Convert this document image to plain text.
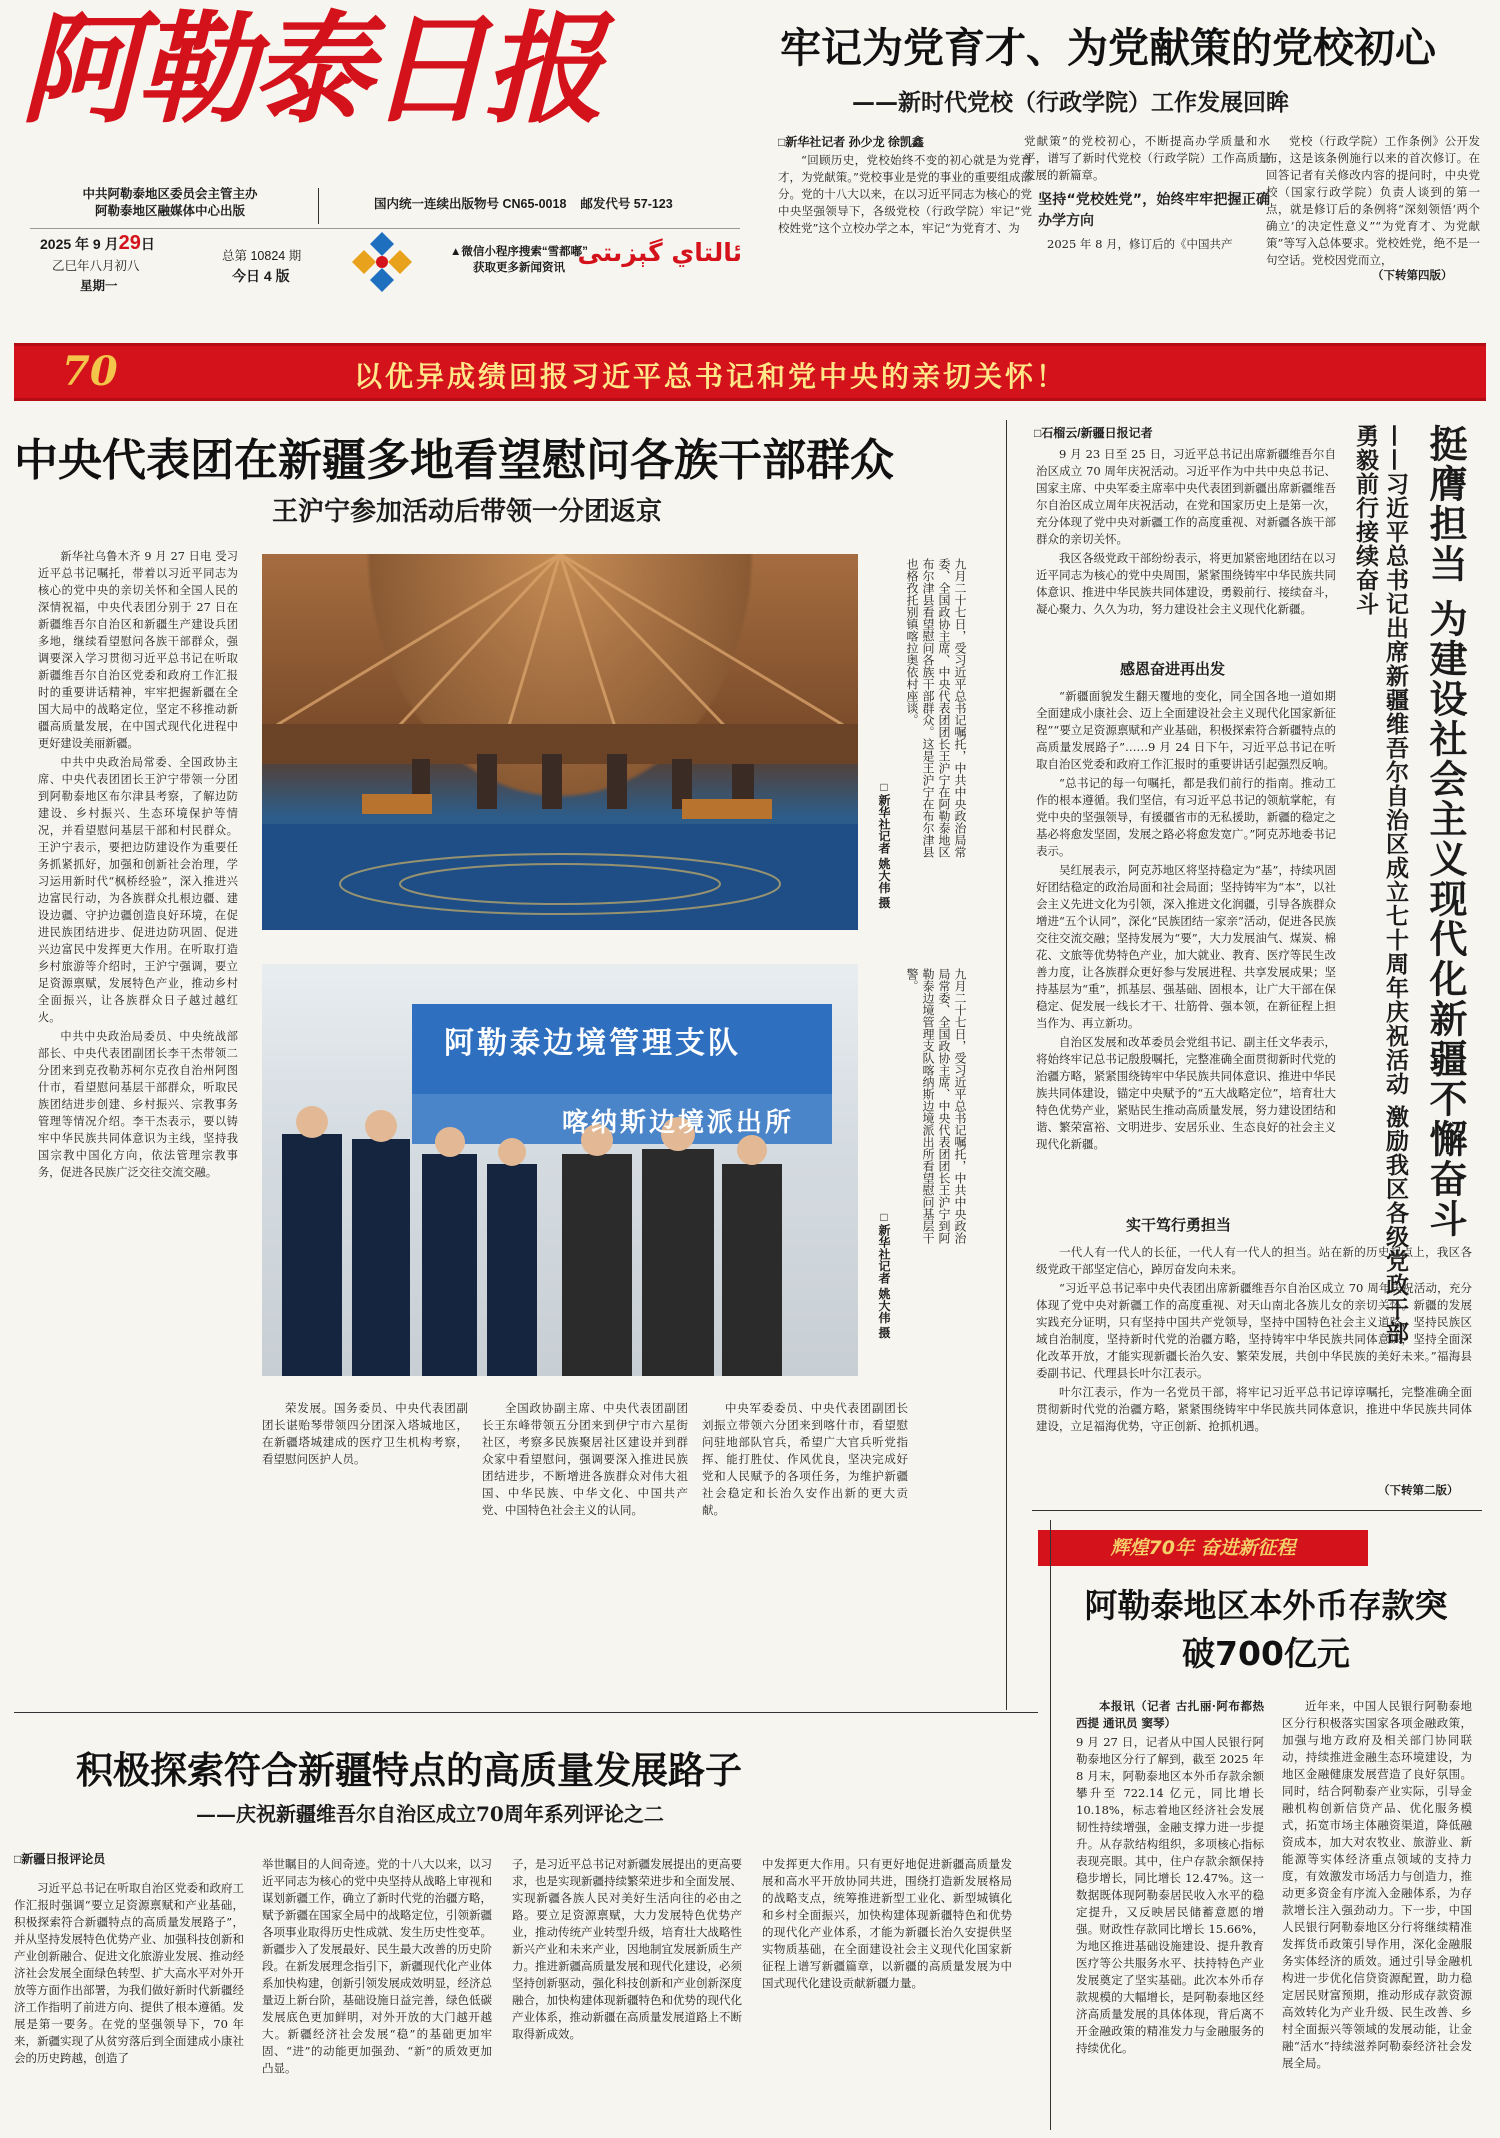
阿勒泰日报
中共阿勒泰地区委员会主管主办
阿勒泰地区融媒体中心出版	国内统一连续出版物号 CN65-0018 邮发代号 57-123
2025 年 9 月29日
乙巳年八月初八
星期一
总第 10824 期
今日 4 版
▲微信小程序搜索“雪都嘟”
获取更多新闻资讯
ئالتاي گېزىتى
牢记为党育才、为党献策的党校初心
——新时代党校（行政学院）工作发展回眸
□新华社记者 孙少龙 徐凯鑫

“回顾历史，党校始终不变的初心就是为党育才，为党献策。”党校事业是党的事业的重要组成部分。党的十八大以来，在以习近平同志为核心的党中央坚强领导下，各级党校（行政学院）牢记“党校姓党”这个立校办学之本，牢记“为党育才、为

党献策”的党校初心，不断提高办学质量和水平，谱写了新时代党校（行政学院）工作高质量发展的新篇章。

坚持“党校姓党”，始终牢牢把握正确办学方向

2025 年 8 月，修订后的《中国共产

党校（行政学院）工作条例》公开发布，这是该条例施行以来的首次修订。在回答记者有关修改内容的提问时，中央党校（国家行政学院）负责人谈到的第一点，就是修订后的条例将“深刻领悟‘两个确立’的决定性意义”“为党育才、为党献策”等写入总体要求。党校姓党，绝不是一句空话。党校因党而立，

（下转第四版）
70	以优异成绩回报习近平总书记和党中央的亲切关怀！
中央代表团在新疆多地看望慰问各族干部群众
王沪宁参加活动后带领一分团返京

新华社乌鲁木齐 9 月 27 日电 受习近平总书记嘱托，带着以习近平同志为核心的党中央的亲切关怀和全国人民的深情祝福，中央代表团分别于 27 日在新疆维吾尔自治区和新疆生产建设兵团多地，继续看望慰问各族干部群众，强调要深入学习贯彻习近平总书记在听取新疆维吾尔自治区党委和政府工作汇报时的重要讲话精神，牢牢把握新疆在全国大局中的战略定位，坚定不移推动新疆高质量发展，在中国式现代化进程中更好建设美丽新疆。

中共中央政治局常委、全国政协主席、中央代表团团长王沪宁带领一分团到阿勒泰地区布尔津县考察，了解边防建设、乡村振兴、生态环境保护等情况，并看望慰问基层干部和村民群众。王沪宁表示，要把边防建设作为重要任务抓紧抓好，加强和创新社会治理，学习运用新时代“枫桥经验”，深入推进兴边富民行动，为各族群众扎根边疆、建设边疆、守护边疆创造良好环境，在促进民族团结进步、促进边防巩固、促进兴边富民中发挥更大作用。在听取打造乡村旅游等介绍时，王沪宁强调，要立足资源禀赋，发展特色产业，推动乡村全面振兴，让各族群众日子越过越红火。

中共中央政治局委员、中央统战部部长、中央代表团副团长李干杰带领二分团来到克孜勒苏柯尔克孜自治州阿图什市，看望慰问基层干部群众，听取民族团结进步创建、乡村振兴、宗教事务管理等情况介绍。李干杰表示，要以铸牢中华民族共同体意识为主线，坚持我国宗教中国化方向，依法管理宗教事务，促进各民族广泛交往交流交融。

九月二十七日，受习近平总书记嘱托，中共中央政治局常委、全国政协主席、中央代表团团长王沪宁在阿勒泰地区布尔津县看望慰问各族干部群众。这是王沪宁在布尔津县也格孜托别镇喀拉奥依村座谈。
□新华社记者 姚大伟 摄
阿勒泰边境管理支队
喀纳斯边境派出所	九月二十七日，受习近平总书记嘱托，中共中央政治局常委、全国政协主席、中央代表团团长王沪宁到阿勒泰边境管理支队喀纳斯边境派出所看望慰问基层干警。
□新华社记者 姚大伟 摄

荣发展。国务委员、中央代表团副团长谌贻琴带领四分团深入塔城地区，在新疆塔城建成的医疗卫生机构考察，看望慰问医护人员。

全国政协副主席、中央代表团副团长王东峰带领五分团来到伊宁市六星街社区，考察多民族聚居社区建设并到群众家中看望慰问，强调要深入推进民族团结进步，不断增进各族群众对伟大祖国、中华民族、中华文化、中国共产党、中国特色社会主义的认同。

中央军委委员、中央代表团副团长刘振立带领六分团来到喀什市，看望慰问驻地部队官兵，希望广大官兵听党指挥、能打胜仗、作风优良，坚决完成好党和人民赋予的各项任务，为维护新疆社会稳定和长治久安作出新的更大贡献。

□石榴云/新疆日报记者

9 月 23 日至 25 日，习近平总书记出席新疆维吾尔自治区成立 70 周年庆祝活动。习近平作为中共中央总书记、国家主席、中央军委主席率中央代表团到新疆出席新疆维吾尔自治区成立周年庆祝活动，在党和国家历史上是第一次，充分体现了党中央对新疆工作的高度重视、对新疆各族干部群众的亲切关怀。

我区各级党政干部纷纷表示，将更加紧密地团结在以习近平同志为核心的党中央周围，紧紧围绕铸牢中华民族共同体意识、推进中华民族共同体建设，勇毅前行、接续奋斗，凝心聚力、久久为功，努力建设社会主义现代化新疆。	挺膺担当 为建设社会主义现代化新疆不懈奋斗
——习近平总书记出席新疆维吾尔自治区成立七十周年庆祝活动 激励我区各级党政干部勇毅前行接续奋斗
感恩奋进再出发

“新疆面貌发生翻天覆地的变化，同全国各地一道如期全面建成小康社会、迈上全面建设社会主义现代化国家新征程”“要立足资源禀赋和产业基础，积极探索符合新疆特点的高质量发展路子”……9 月 24 日下午，习近平总书记在听取自治区党委和政府工作汇报时的重要讲话引起强烈反响。

“总书记的每一句嘱托，都是我们前行的指南。推动工作的根本遵循。我们坚信，有习近平总书记的领航掌舵，有党中央的坚强领导，有援疆省市的无私援助，新疆的稳定之基必将愈发坚固，发展之路必将愈发宽广。”阿克苏地委书记表示。

吴红展表示，阿克苏地区将坚持稳定为“基”，持续巩固好团结稳定的政治局面和社会局面；坚持铸牢为“本”，以社会主义先进文化为引领，深入推进文化润疆，引导各族群众增进“五个认同”，深化“民族团结一家亲”活动，促进各民族交往交流交融；坚持发展为“要”，大力发展油气、煤炭、棉花、文旅等优势特色产业，加大就业、教育、医疗等民生改善力度，让各族群众更好参与发展进程、共享发展成果；坚持基层为“重”，抓基层、强基础、固根本，让广大干部在保稳定、促发展一线长才干、壮筋骨、强本领，在新征程上担当作为、再立新功。

自治区发展和改革委员会党组书记、副主任文华表示，将始终牢记总书记殷殷嘱托，完整准确全面贯彻新时代党的治疆方略，紧紧围绕铸牢中华民族共同体意识、推进中华民族共同体建设，锚定中央赋予的“五大战略定位”，培育壮大特色优势产业，紧贴民生推动高质量发展，努力建设团结和谐、繁荣富裕、文明进步、安居乐业、生态良好的社会主义现代化新疆。

实干笃行勇担当

一代人有一代人的长征，一代人有一代人的担当。站在新的历史起点上，我区各级党政干部坚定信心，踔厉奋发向未来。

“习近平总书记率中央代表团出席新疆维吾尔自治区成立 70 周年庆祝活动，充分体现了党中央对新疆工作的高度重视、对天山南北各族儿女的亲切关怀。新疆的发展实践充分证明，只有坚持中国共产党领导，坚持中国特色社会主义道路，坚持民族区域自治制度，坚持新时代党的治疆方略，坚持铸牢中华民族共同体意识，坚持全面深化改革开放，才能实现新疆长治久安、繁荣发展，共创中华民族的美好未来。”福海县委副书记、代理县长叶尔江表示。

叶尔江表示，作为一名党员干部，将牢记习近平总书记谆谆嘱托，完整准确全面贯彻新时代党的治疆方略，紧紧围绕铸牢中华民族共同体意识，推进中华民族共同体建设，立足福海优势，守正创新、抢抓机遇。

（下转第二版）
辉煌70年 奋进新征程
阿勒泰地区本外币存款突破700亿元

本报讯（记者 古扎丽·阿布都热西提 通讯员 窦琴）

9 月 27 日，记者从中国人民银行阿勒泰地区分行了解到，截至 2025 年 8 月末，阿勒泰地区本外币存款余额攀升至 722.14 亿元，同比增长 10.18%，标志着地区经济社会发展韧性持续增强，金融支撑力进一步提升。从存款结构组织，多项核心指标表现亮眼。其中，住户存款余额保持稳步增长，同比增长 12.47%。这一数据既体现阿勒泰居民收入水平的稳定提升，又反映居民储蓄意愿的增强。财政性存款同比增长 15.66%，为地区推进基础设施建设、提升教育医疗等公共服务水平、扶持特色产业发展奠定了坚实基础。此次本外币存款规模的大幅增长，是阿勒泰地区经济高质量发展的具体体现，背后离不开金融政策的精准发力与金融服务的持续优化。

近年来，中国人民银行阿勒泰地区分行积极落实国家各项金融政策，加强与地方政府及相关部门协同联动，持续推进金融生态环境建设，为地区金融健康发展营造了良好氛围。同时，结合阿勒泰产业实际，引导金融机构创新信贷产品、优化服务模式，拓宽市场主体融资渠道，降低融资成本，加大对农牧业、旅游业、新能源等实体经济重点领域的支持力度，有效激发市场活力与创造力，推动更多资金有序流入金融体系，为存款增长注入强劲动力。下一步，中国人民银行阿勒泰地区分行将继续精准发挥货币政策引导作用，深化金融服务实体经济的质效。通过引导金融机构进一步优化信贷资源配置，助力稳定居民财富预期，推动形成存款资源高效转化为产业升级、民生改善、乡村全面振兴等领域的发展动能，让金融“活水”持续滋养阿勒泰经济社会发展全局。

积极探索符合新疆特点的高质量发展路子
——庆祝新疆维吾尔自治区成立70周年系列评论之二
□新疆日报评论员

习近平总书记在听取自治区党委和政府工作汇报时强调“要立足资源禀赋和产业基础，积极探索符合新疆特点的高质量发展路子”，并从坚持发展特色优势产业、加强科技创新和产业创新融合、促进文化旅游业发展、推动经济社会发展全面绿色转型、扩大高水平对外开放等方面作出部署，为我们做好新时代新疆经济工作指明了前进方向、提供了根本遵循。发展是第一要务。在党的坚强领导下，70 年来，新疆实现了从贫穷落后到全面建成小康社会的历史跨越，创造了

举世瞩目的人间奇迹。党的十八大以来，以习近平同志为核心的党中央坚持从战略上审视和谋划新疆工作，确立了新时代党的治疆方略，赋予新疆在国家全局中的战略定位，引领新疆各项事业取得历史性成就、发生历史性变革。新疆步入了发展最好、民生最大改善的历史阶段。在新发展理念指引下，新疆现代化产业体系加快构建，创新引领发展成效明显，经济总量迈上新台阶，基础设施日益完善，绿色低碳发展底色更加鲜明，对外开放的大门越开越大。新疆经济社会发展“稳”的基础更加牢固、“进”的动能更加强劲、“新”的质效更加凸显。

子，是习近平总书记对新疆发展提出的更高要求，也是实现新疆持续繁荣进步和全面发展、实现新疆各族人民对美好生活向往的必由之路。要立足资源禀赋，大力发展特色优势产业，推动传统产业转型升级，培育壮大战略性新兴产业和未来产业，因地制宜发展新质生产力。推进新疆高质量发展和现代化建设，必须坚持创新驱动，强化科技创新和产业创新深度融合，加快构建体现新疆特色和优势的现代化产业体系，推动新疆在高质量发展道路上不断取得新成效。

中发挥更大作用。只有更好地促进新疆高质量发展和高水平开放协同共进，围绕打造新发展格局的战略支点，统筹推进新型工业化、新型城镇化和乡村全面振兴，加快构建体现新疆特色和优势的现代化产业体系，才能为新疆长治久安提供坚实物质基础，在全面建设社会主义现代化国家新征程上谱写新疆篇章，以新疆的高质量发展为中国式现代化建设贡献新疆力量。
